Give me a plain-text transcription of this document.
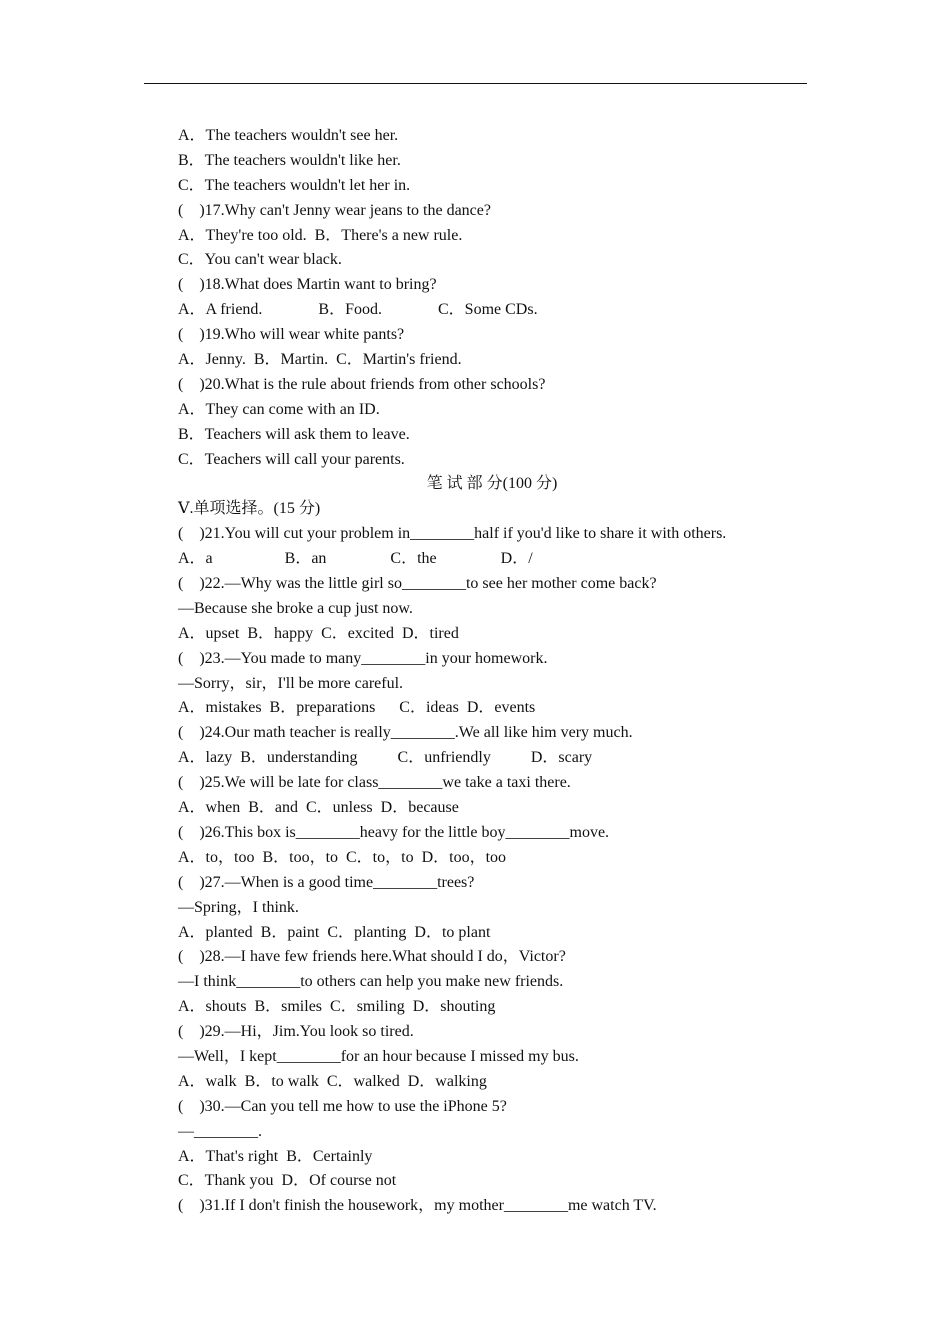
A．The teachers wouldn't see her.
B．The teachers wouldn't like her.
C．The teachers wouldn't let her in.
(　)17.Why can't Jenny wear jeans to the dance?
A．They're too old.  B．There's a new rule.
C．You can't wear black.
(　)18.What does Martin want to bring?
A．A friend.              B．Food.              C．Some CDs.
(　)19.Who will wear white pants?
A．Jenny.  B．Martin.  C．Martin's friend.
(　)20.What is the rule about friends from other schools?
A．They can come with an ID.
B．Teachers will ask them to leave.
C．Teachers will call your parents.
笔 试 部 分(100 分)
Ⅴ.单项选择。(15 分)
(　)21.You will cut your problem in________half if you'd like to share it with others.
A．a                  B．an                C．the                D．/
(　)22.—Why was the little girl so________to see her mother come back?
—Because she broke a cup just now.
A．upset  B．happy  C．excited  D．tired
(　)23.—You made to many________in your homework.
—Sorry，sir，I'll be more careful.
A．mistakes  B．preparations      C．ideas  D．events
(　)24.Our math teacher is really________.We all like him very much.
A．lazy  B．understanding          C．unfriendly          D．scary
(　)25.We will be late for class________we take a taxi there.
A．when  B．and  C．unless  D．because
(　)26.This box is________heavy for the little boy________move.
A．to，too  B．too，to  C．to，to  D．too，too
(　)27.—When is a good time________trees?
—Spring，I think.
A．planted  B．paint  C．planting  D．to plant
(　)28.—I have few friends here.What should I do，Victor?
—I think________to others can help you make new friends.
A．shouts  B．smiles  C．smiling  D．shouting
(　)29.—Hi，Jim.You look so tired.
—Well，I kept________for an hour because I missed my bus.
A．walk  B．to walk  C．walked  D．walking
(　)30.—Can you tell me how to use the iPhone 5?
—________.
A．That's right  B．Certainly
C．Thank you  D．Of course not
(　)31.If I don't finish the housework，my mother________me watch TV.
